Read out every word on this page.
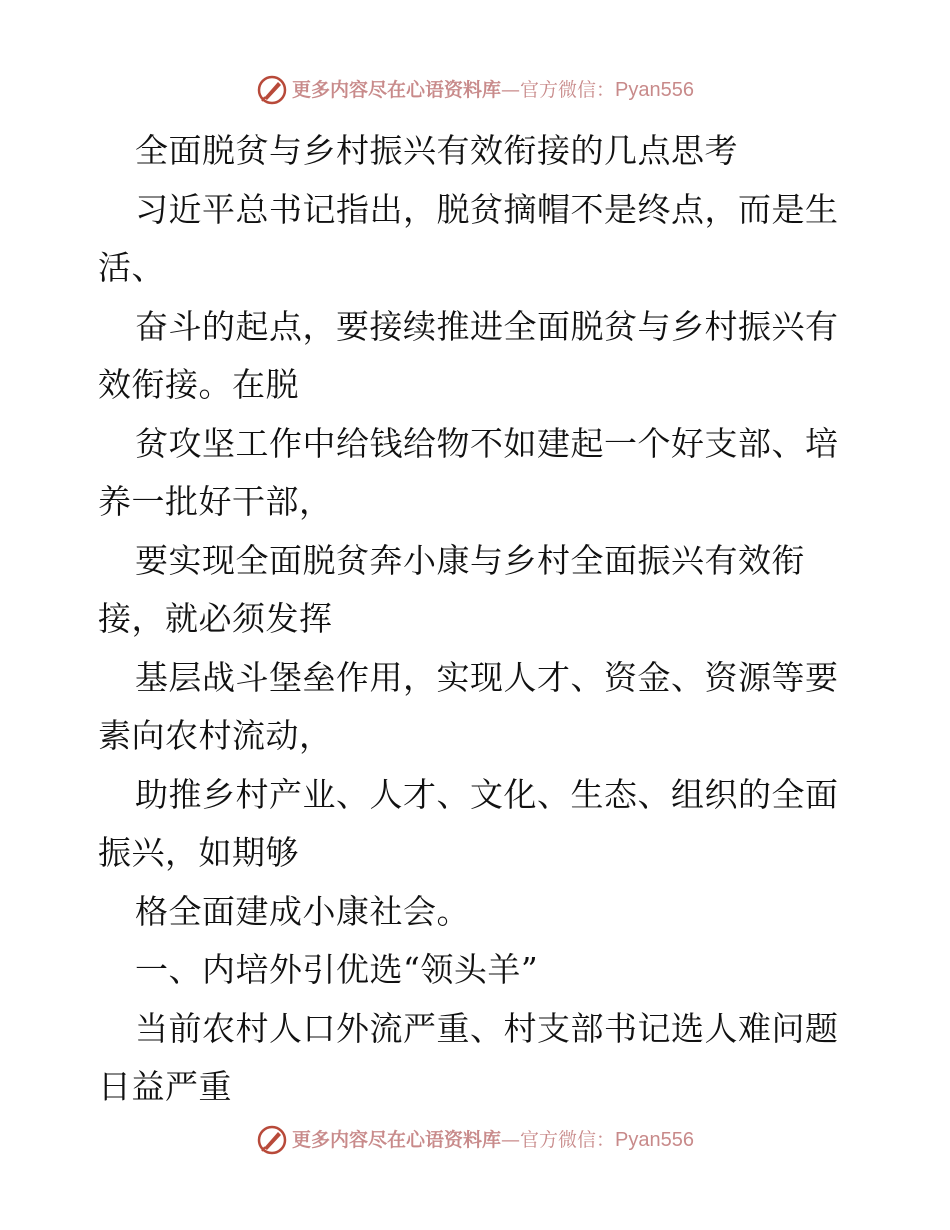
更多内容尽在心语资料库 — 官方微信： Pyan556
全面脱贫与乡村振兴有效衔接的几点思考
习近平总书记指出，脱贫摘帽不是终点，而是生
活、
奋斗的起点，要接续推进全面脱贫与乡村振兴有
效衔接。在脱
贫攻坚工作中给钱给物不如建起一个好支部、培
养一批好干部，
要实现全面脱贫奔小康与乡村全面振兴有效衔
接，就必须发挥
基层战斗堡垒作用，实现人才、资金、资源等要
素向农村流动，
助推乡村产业、人才、文化、生态、组织的全面
振兴，如期够
格全面建成小康社会。
一、内培外引优选“领头羊”
当前农村人口外流严重、村支部书记选人难问题
日益严重
更多内容尽在心语资料库 — 官方微信： Pyan556
